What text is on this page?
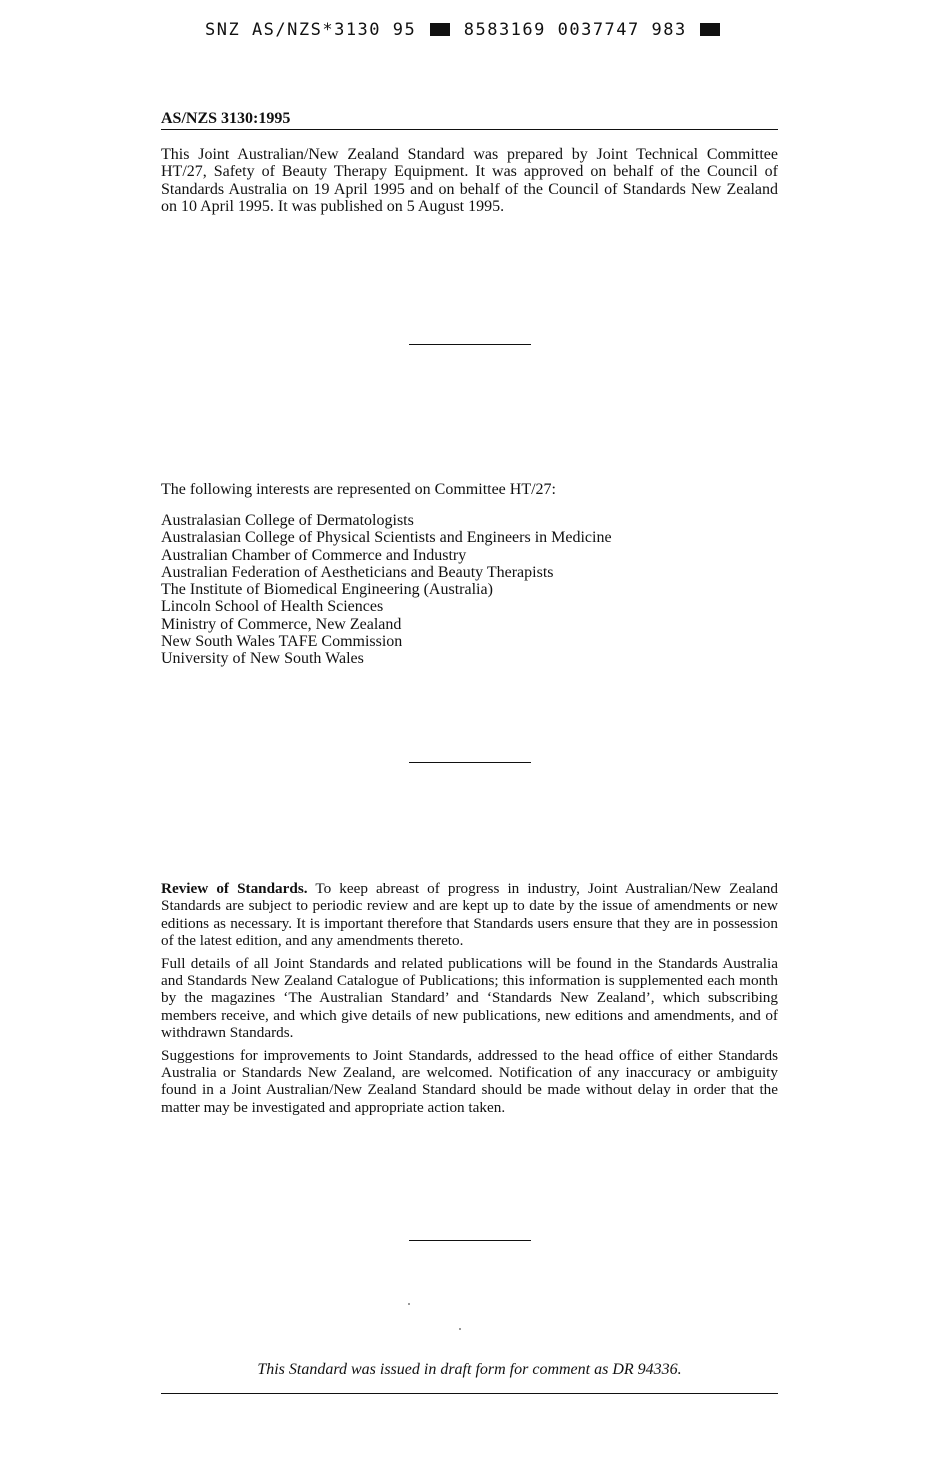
SNZ AS/NZS*3130 95	8583169 0037747 983
AS/NZS 3130:1995

This Joint Australian/New Zealand Standard was prepared by Joint Technical Committee HT/27, Safety of Beauty Therapy Equipment. It was approved on behalf of the Council of Standards Australia on 19 April 1995 and on behalf of the Council of Standards New Zealand on 10 April 1995. It was published on 5 August 1995.

The following interests are represented on Committee HT/27:
Australasian College of Dermatologists
Australasian College of Physical Scientists and Engineers in Medicine
Australian Chamber of Commerce and Industry
Australian Federation of Aestheticians and Beauty Therapists
The Institute of Biomedical Engineering (Australia)
Lincoln School of Health Sciences
Ministry of Commerce, New Zealand
New South Wales TAFE Commission
University of New South Wales

Review of Standards. To keep abreast of progress in industry, Joint Australian/New Zealand Standards are subject to periodic review and are kept up to date by the issue of amendments or new editions as necessary. It is important therefore that Standards users ensure that they are in possession of the latest edition, and any amendments thereto.

Full details of all Joint Standards and related publications will be found in the Standards Australia and Standards New Zealand Catalogue of Publications; this information is supplemented each month by the magazines ‘The Australian Standard’ and ‘Standards New Zealand’, which subscribing members receive, and which give details of new publications, new editions and amendments, and of withdrawn Standards.

Suggestions for improvements to Joint Standards, addressed to the head office of either Standards Australia or Standards New Zealand, are welcomed. Notification of any inaccuracy or ambiguity found in a Joint Australian/New Zealand Standard should be made without delay in order that the matter may be investigated and appropriate action taken.

This Standard was issued in draft form for comment as DR 94336.
